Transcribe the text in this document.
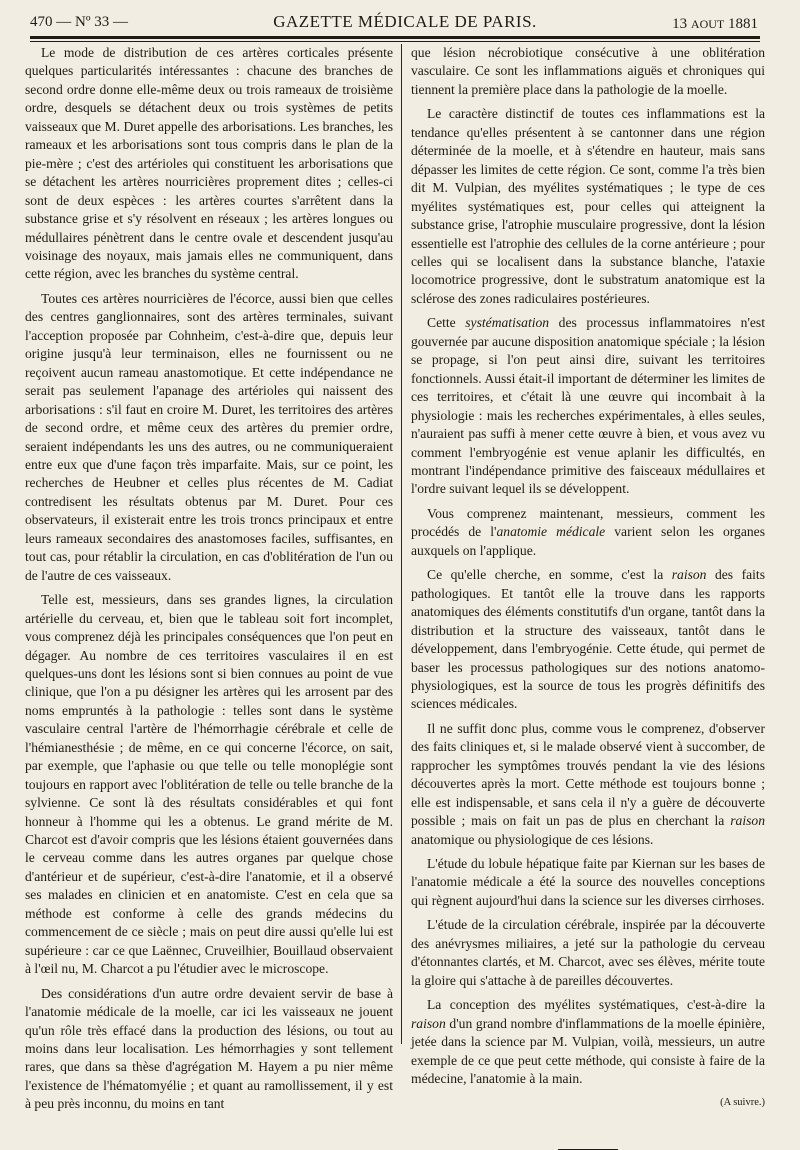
470 — Nº 33 —	GAZETTE MÉDICALE DE PARIS.	13 AOUT 1881

Le mode de distribution de ces artères corticales présente quelques particularités intéressantes : chacune des branches de second ordre donne elle-même deux ou trois rameaux de troisième ordre, desquels se détachent deux ou trois systèmes de petits vaisseaux que M. Duret appelle des arborisations. Les branches, les rameaux et les arborisations sont tous compris dans le plan de la pie-mère ; c'est des artérioles qui constituent les arborisations que se détachent les artères nourricières proprement dites ; celles-ci sont de deux espèces : les artères courtes s'arrêtent dans la substance grise et s'y résolvent en réseaux ; les artères longues ou médullaires pénètrent dans le centre ovale et descendent jusqu'au voisinage des noyaux, mais jamais elles ne communiquent, dans cette région, avec les branches du système central.

Toutes ces artères nourricières de l'écorce, aussi bien que celles des centres ganglionnaires, sont des artères terminales, suivant l'acception proposée par Cohnheim, c'est-à-dire que, depuis leur origine jusqu'à leur terminaison, elles ne fournissent ou ne reçoivent aucun rameau anastomotique. Et cette indépendance ne serait pas seulement l'apanage des artérioles qui naissent des arborisations : s'il faut en croire M. Duret, les territoires des artères de second ordre, et même ceux des artères du premier ordre, seraient indépendants les uns des autres, ou ne communiqueraient entre eux que d'une façon très imparfaite. Mais, sur ce point, les recherches de Heubner et celles plus récentes de M. Cadiat contredisent les résultats obtenus par M. Duret. Pour ces observateurs, il existerait entre les trois troncs principaux et entre leurs rameaux secondaires des anastomoses faciles, suffisantes, en tout cas, pour rétablir la circulation, en cas d'oblitération de l'un ou de l'autre de ces vaisseaux.

Telle est, messieurs, dans ses grandes lignes, la circulation artérielle du cerveau, et, bien que le tableau soit fort incomplet, vous comprenez déjà les principales conséquences que l'on peut en dégager. Au nombre de ces territoires vasculaires il en est quelques-uns dont les lésions sont si bien connues au point de vue clinique, que l'on a pu désigner les artères qui les arrosent par des noms empruntés à la pathologie : telles sont dans le système vasculaire central l'artère de l'hémorrhagie cérébrale et celle de l'hémianesthésie ; de même, en ce qui concerne l'écorce, on sait, par exemple, que l'aphasie ou que telle ou telle monoplégie sont toujours en rapport avec l'oblitération de telle ou telle branche de la sylvienne. Ce sont là des résultats considérables et qui font honneur à l'homme qui les a obtenus. Le grand mérite de M. Charcot est d'avoir compris que les lésions étaient gouvernées dans le cerveau comme dans les autres organes par quelque chose d'antérieur et de supérieur, c'est-à-dire l'anatomie, et il a observé ses malades en clinicien et en anatomiste. C'est en cela que sa méthode est conforme à celle des grands médecins du commencement de ce siècle ; mais on peut dire aussi qu'elle lui est supérieure : car ce que Laënnec, Cruveilhier, Bouillaud observaient à l'œil nu, M. Charcot a pu l'étudier avec le microscope.

Des considérations d'un autre ordre devaient servir de base à l'anatomie médicale de la moelle, car ici les vaisseaux ne jouent qu'un rôle très effacé dans la production des lésions, ou tout au moins dans leur localisation. Les hémorrhagies y sont tellement rares, que dans sa thèse d'agrégation M. Hayem a pu nier même l'existence de l'hématomyélie ; et quant au ramollissement, il y est à peu près inconnu, du moins en tant

que lésion nécrobiotique consécutive à une oblitération vasculaire. Ce sont les inflammations aiguës et chroniques qui tiennent la première place dans la pathologie de la moelle.

Le caractère distinctif de toutes ces inflammations est la tendance qu'elles présentent à se cantonner dans une région déterminée de la moelle, et à s'étendre en hauteur, mais sans dépasser les limites de cette région. Ce sont, comme l'a très bien dit M. Vulpian, des myélites systématiques ; le type de ces myélites systématiques est, pour celles qui atteignent la substance grise, l'atrophie musculaire progressive, dont la lésion essentielle est l'atrophie des cellules de la corne antérieure ; pour celles qui se localisent dans la substance blanche, l'ataxie locomotrice progressive, dont le substratum anatomique est la sclérose des zones radiculaires postérieures.

Cette systématisation des processus inflammatoires n'est gouvernée par aucune disposition anatomique spéciale ; la lésion se propage, si l'on peut ainsi dire, suivant les territoires fonctionnels. Aussi était-il important de déterminer les limites de ces territoires, et c'était là une œuvre qui incombait à la physiologie : mais les recherches expérimentales, à elles seules, n'auraient pas suffi à mener cette œuvre à bien, et vous avez vu comment l'embryogénie est venue aplanir les difficultés, en montrant l'indépendance primitive des faisceaux médullaires et l'ordre suivant lequel ils se développent.

Vous comprenez maintenant, messieurs, comment les procédés de l'anatomie médicale varient selon les organes auxquels on l'applique.

Ce qu'elle cherche, en somme, c'est la raison des faits pathologiques. Et tantôt elle la trouve dans les rapports anatomiques des éléments constitutifs d'un organe, tantôt dans la distribution et la structure des vaisseaux, tantôt dans le développement, dans l'embryogénie. Cette étude, qui permet de baser les processus pathologiques sur des notions anatomo-physiologiques, est la source de tous les progrès définitifs des sciences médicales.

Il ne suffit donc plus, comme vous le comprenez, d'observer des faits cliniques et, si le malade observé vient à succomber, de rapprocher les symptômes trouvés pendant la vie des lésions découvertes après la mort. Cette méthode est toujours bonne ; elle est indispensable, et sans cela il n'y a guère de découverte possible ; mais on fait un pas de plus en cherchant la raison anatomique ou physiologique de ces lésions.

L'étude du lobule hépatique faite par Kiernan sur les bases de l'anatomie médicale a été la source des nouvelles conceptions qui règnent aujourd'hui dans la science sur les diverses cirrhoses.

L'étude de la circulation cérébrale, inspirée par la découverte des anévrysmes miliaires, a jeté sur la pathologie du cerveau d'étonnantes clartés, et M. Charcot, avec ses élèves, mérite toute la gloire qui s'attache à de pareilles découvertes.

La conception des myélites systématiques, c'est-à-dire la raison d'un grand nombre d'inflammations de la moelle épinière, jetée dans la science par M. Vulpian, voilà, messieurs, un autre exemple de ce que peut cette méthode, qui consiste à faire de la médecine, l'anatomie à la main.

(A suivre.)
